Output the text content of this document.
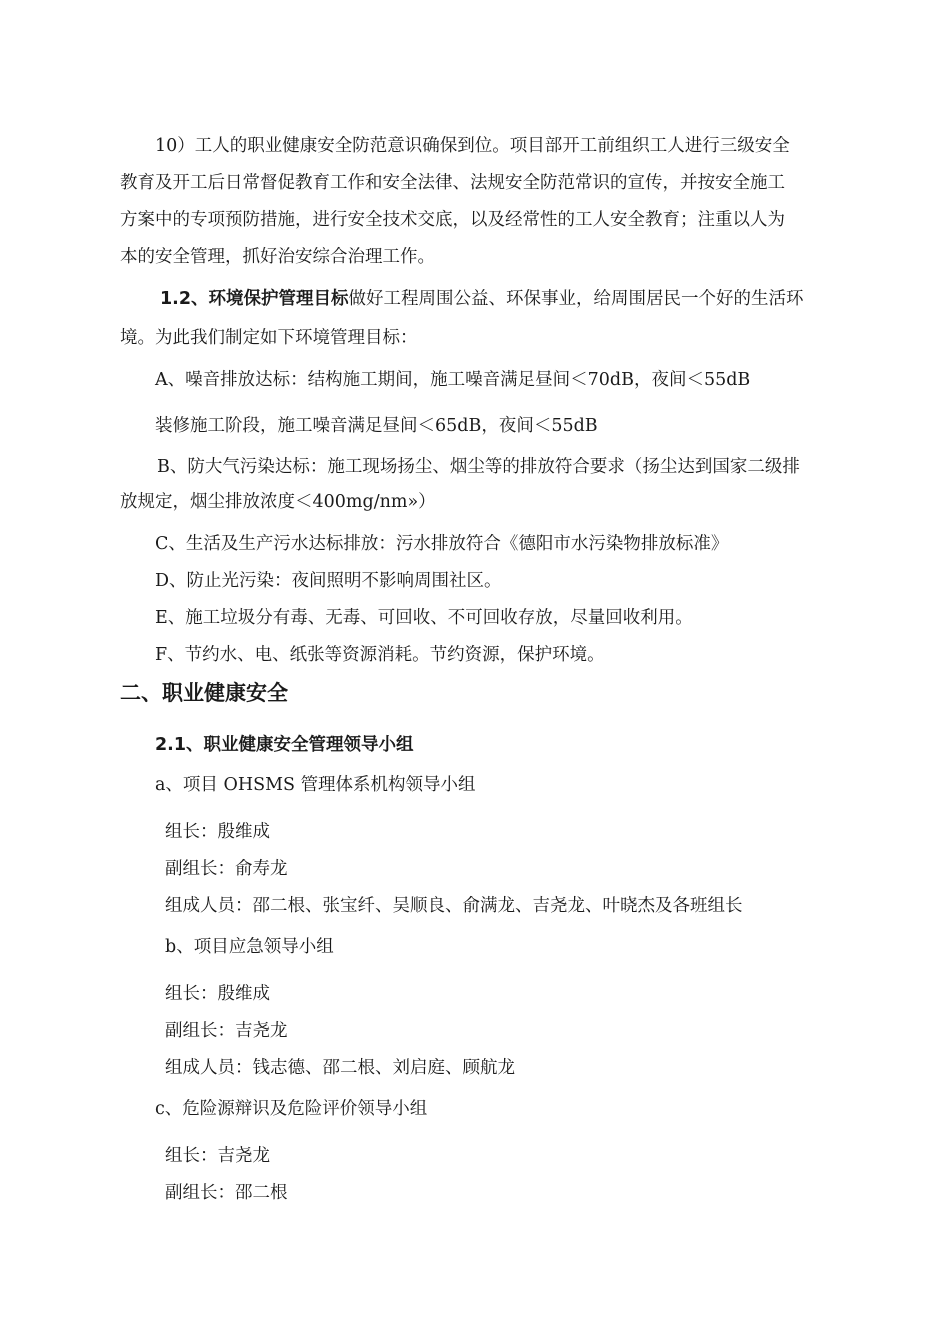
10）工人的职业健康安全防范意识确保到位。项目部开工前组织工人进行三级安全
教育及开工后日常督促教育工作和安全法律、法规安全防范常识的宣传，并按安全施工
方案中的专项预防措施，进行安全技术交底，以及经常性的工人安全教育；注重以人为
本的安全管理，抓好治安综合治理工作。
1.2、环境保护管理目标做好工程周围公益、环保事业，给周围居民一个好的生活环
境。为此我们制定如下环境管理目标：
A、噪音排放达标：结构施工期间，施工噪音满足昼间＜70dB，夜间＜55dB
装修施工阶段，施工噪音满足昼间＜65dB，夜间＜55dB
B、防大气污染达标：施工现场扬尘、烟尘等的排放符合要求（扬尘达到国家二级排
放规定，烟尘排放浓度＜400mg/nm»）
C、生活及生产污水达标排放：污水排放符合《德阳市水污染物排放标准》
D、防止光污染：夜间照明不影响周围社区。
E、施工垃圾分有毒、无毒、可回收、不可回收存放，尽量回收利用。
F、节约水、电、纸张等资源消耗。节约资源，保护环境。
二、职业健康安全
2.1、职业健康安全管理领导小组
a、项目 OHSMS 管理体系机构领导小组
组长：殷维成
副组长：俞寿龙
组成人员：邵二根、张宝纤、吴顺良、俞满龙、吉尧龙、叶晓杰及各班组长
b、项目应急领导小组
组长：殷维成
副组长：吉尧龙
组成人员：钱志德、邵二根、刘启庭、顾航龙
c、危险源辩识及危险评价领导小组
组长：吉尧龙
副组长：邵二根
